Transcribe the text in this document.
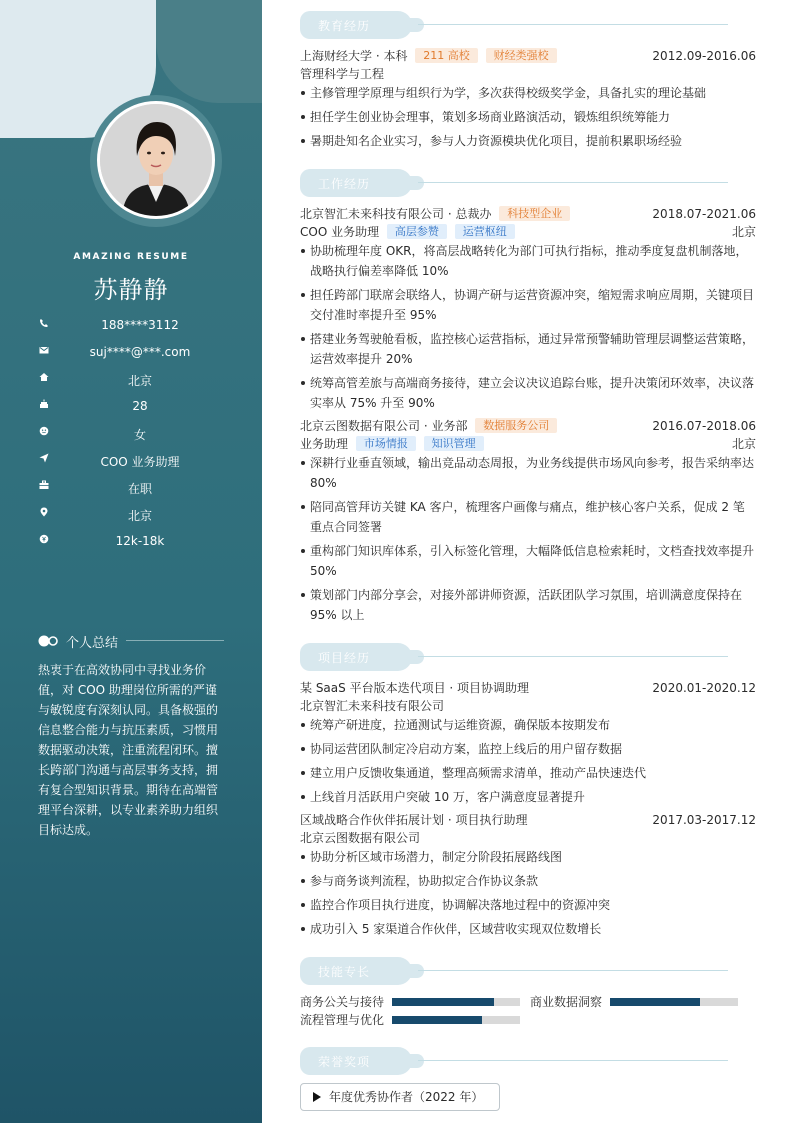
AMAZING RESUME
苏静静
188****3112
suj****@***.com
北京
28
女
COO 业务助理
在职
北京
12k-18k
个人总结
热衷于在高效协同中寻找业务价值，对 COO 助理岗位所需的严谨与敏锐度有深刻认同。具备极强的信息整合能力与抗压素质，习惯用数据驱动决策，注重流程闭环。擅长跨部门沟通与高层事务支持，拥有复合型知识背景。期待在高端管理平台深耕，以专业素养助力组织目标达成。
教育经历
上海财经大学 · 本科 211 高校 财经类强校	2012.09-2016.06
管理科学与工程
主修管理学原理与组织行为学，多次获得校级奖学金，具备扎实的理论基础
担任学生创业协会理事，策划多场商业路演活动，锻炼组织统筹能力
暑期赴知名企业实习，参与人力资源模块优化项目，提前积累职场经验
工作经历
北京智汇未来科技有限公司 · 总裁办 科技型企业	2018.07-2021.06
COO 业务助理 高层参赞 运营枢纽	北京
协助梳理年度 OKR，将高层战略转化为部门可执行指标，推动季度复盘机制落地，战略执行偏差率降低 10%
担任跨部门联席会联络人，协调产研与运营资源冲突，缩短需求响应周期，关键项目交付准时率提升至 95%
搭建业务驾驶舱看板，监控核心运营指标，通过异常预警辅助管理层调整运营策略，运营效率提升 20%
统筹高管差旅与高端商务接待，建立会议决议追踪台账，提升决策闭环效率，决议落实率从 75% 升至 90%
北京云图数据有限公司 · 业务部 数据服务公司	2016.07-2018.06
业务助理 市场情报 知识管理	北京
深耕行业垂直领域，输出竞品动态周报，为业务线提供市场风向参考，报告采纳率达 80%
陪同高管拜访关键 KA 客户，梳理客户画像与痛点，维护核心客户关系，促成 2 笔重点合同签署
重构部门知识库体系，引入标签化管理，大幅降低信息检索耗时，文档查找效率提升 50%
策划部门内部分享会，对接外部讲师资源，活跃团队学习氛围，培训满意度保持在 95% 以上
项目经历
某 SaaS 平台版本迭代项目 · 项目协调助理	2020.01-2020.12
北京智汇未来科技有限公司
统筹产研进度，拉通测试与运维资源，确保版本按期发布
协同运营团队制定冷启动方案，监控上线后的用户留存数据
建立用户反馈收集通道，整理高频需求清单，推动产品快速迭代
上线首月活跃用户突破 10 万，客户满意度显著提升
区域战略合作伙伴拓展计划 · 项目执行助理	2017.03-2017.12
北京云图数据有限公司
协助分析区域市场潜力，制定分阶段拓展路线图
参与商务谈判流程，协助拟定合作协议条款
监控合作项目执行进度，协调解决落地过程中的资源冲突
成功引入 5 家渠道合作伙伴，区域营收实现双位数增长
技能专长
商务公关与接待	商业数据洞察
流程管理与优化
荣誉奖项
年度优秀协作者（2022 年）
